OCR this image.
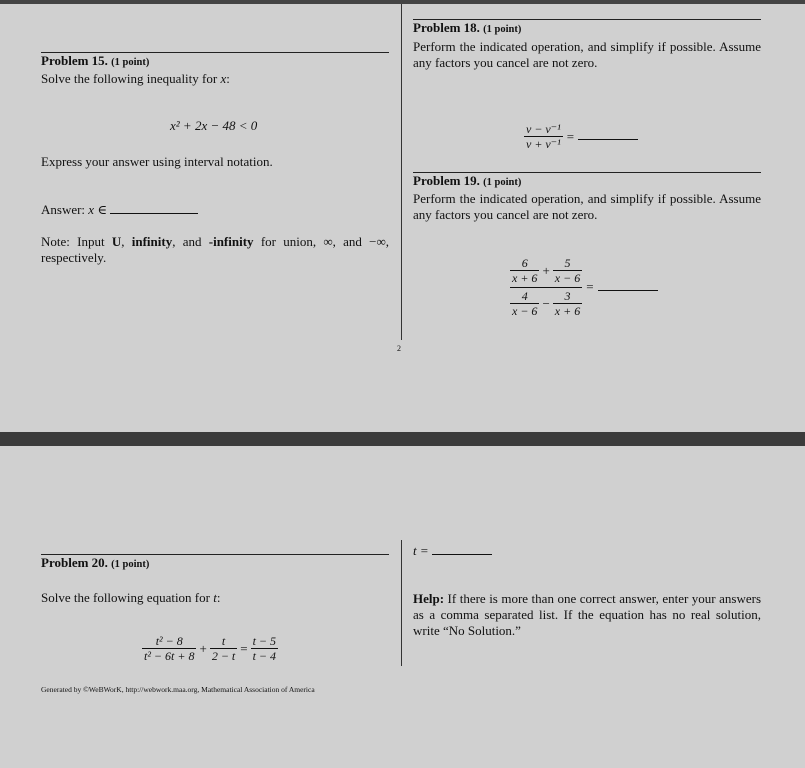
Problem 15. (1 point)
Solve the following inequality for x:
x² + 2x − 48 < 0
Express your answer using interval notation.
Answer: x ∈
Note: Input U, infinity, and -infinity for union, ∞, and −∞, respectively.
2
Problem 18. (1 point)
Perform the indicated operation, and simplify if possible. Assume any factors you cancel are not zero.
$\frac{\text{v − v⁻¹}}{\text{v + v⁻¹}}$ =
Problem 19. (1 point)
Perform the indicated operation, and simplify if possible. Assume any factors you cancel are not zero.
$\frac{6}{x + 6} + \frac{5}{x - 6}$
$\frac{4}{x - 6} - \frac{3}{x + 6}$
=
Problem 20. (1 point)
Solve the following equation for t:
$\frac{\text{t² − 8}}{\text{t² − 6t + 8}} + \frac{t}{2 - t} = \frac{t - 5}{t - 4}$
Generated by ©WeBWorK, http://webwork.maa.org, Mathematical Association of America
t =
Help: If there is more than one correct answer, enter your answers as a comma separated list. If the equation has no real solution, write “No Solution.”
